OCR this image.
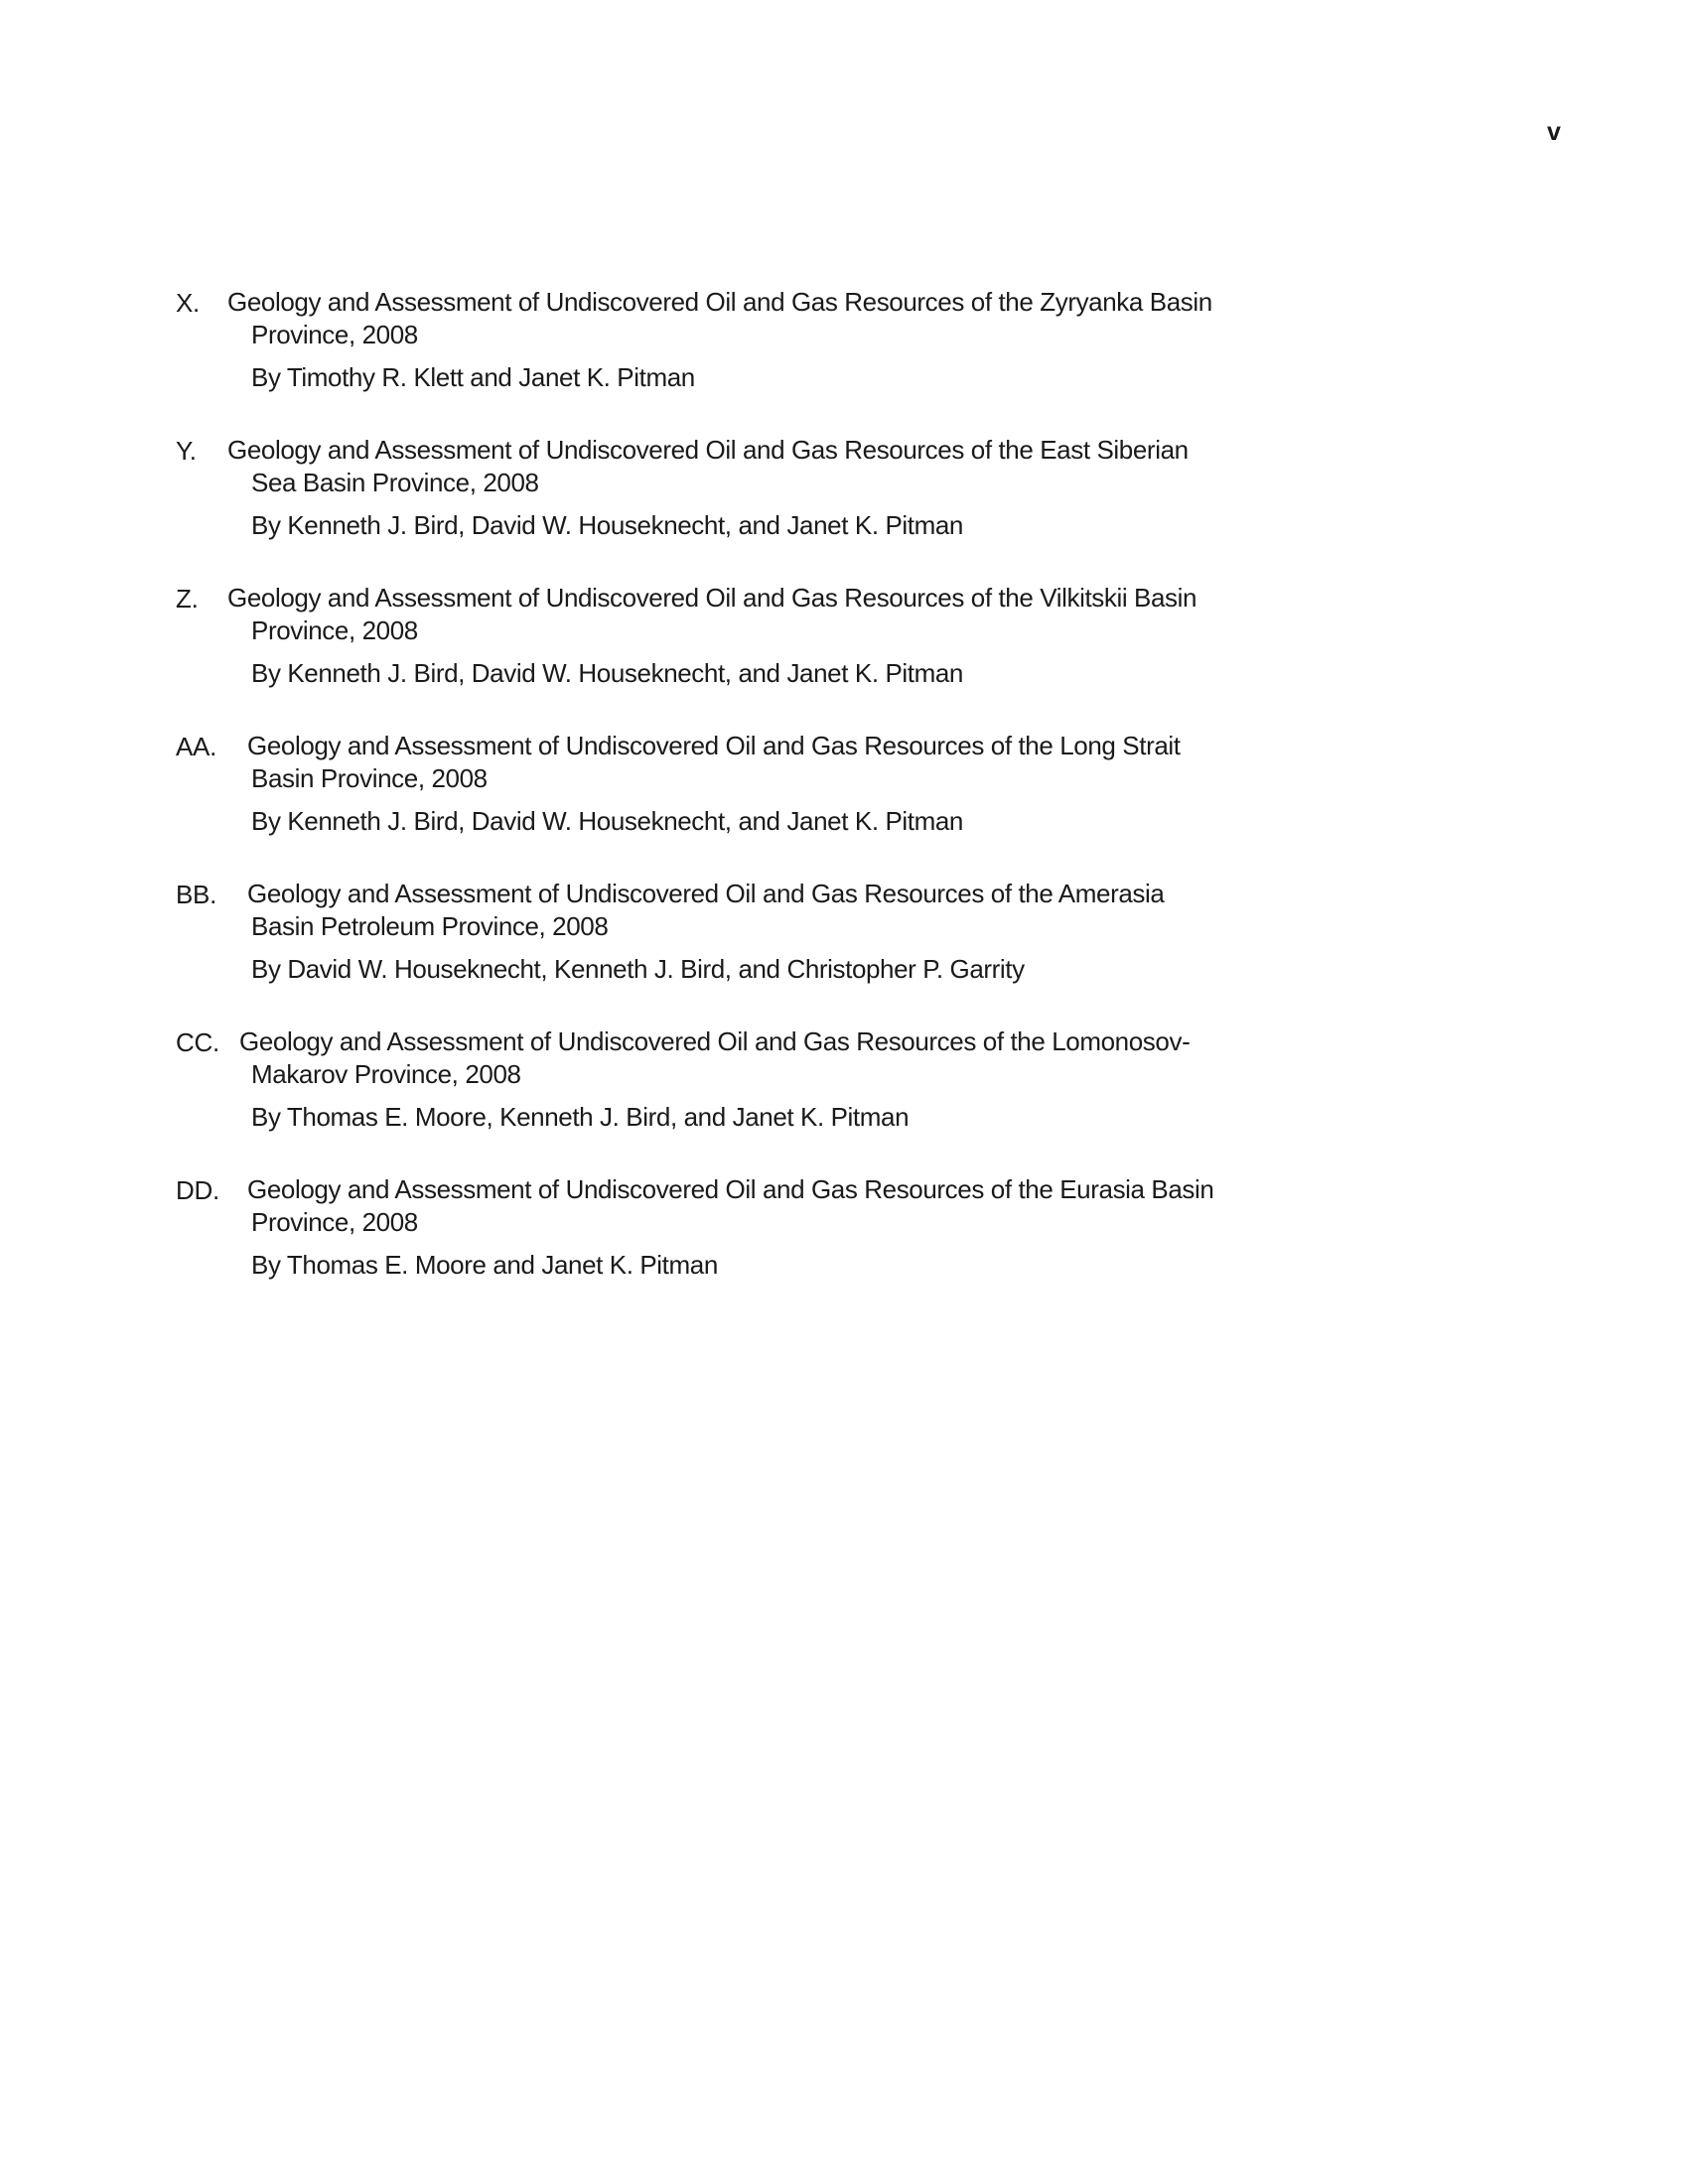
v
X. Geology and Assessment of Undiscovered Oil and Gas Resources of the Zyryanka Basin
Province, 2008
By Timothy R. Klett and Janet K. Pitman
Y. Geology and Assessment of Undiscovered Oil and Gas Resources of the East Siberian
Sea Basin Province, 2008
By Kenneth J. Bird, David W. Houseknecht, and Janet K. Pitman
Z. Geology and Assessment of Undiscovered Oil and Gas Resources of the Vilkitskii Basin
Province, 2008
By Kenneth J. Bird, David W. Houseknecht, and Janet K. Pitman
AA. Geology and Assessment of Undiscovered Oil and Gas Resources of the Long Strait
Basin Province, 2008
By Kenneth J. Bird, David W. Houseknecht, and Janet K. Pitman
BB. Geology and Assessment of Undiscovered Oil and Gas Resources of the Amerasia
Basin Petroleum Province, 2008
By David W. Houseknecht, Kenneth J. Bird, and Christopher P. Garrity
CC. Geology and Assessment of Undiscovered Oil and Gas Resources of the Lomonosov-
Makarov Province, 2008
By Thomas E. Moore, Kenneth J. Bird, and Janet K. Pitman
DD. Geology and Assessment of Undiscovered Oil and Gas Resources of the Eurasia Basin
Province, 2008
By Thomas E. Moore and Janet K. Pitman
